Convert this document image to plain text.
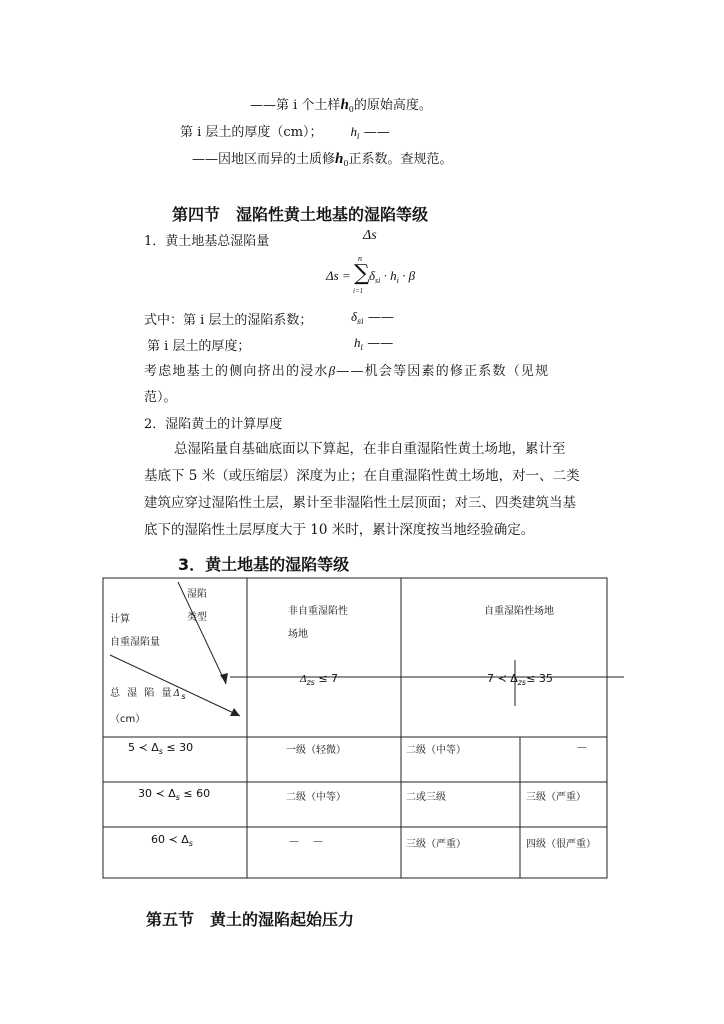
——第 i 个土样$h_0$的原始高度。
第 i 层土的厚度（cm）； $h_i$ ——
——因地区而异的土质修$h_0$正系数。查规范。
第四节　湿陷性黄土地基的湿陷等级
1．黄土地基总湿陷量	Δs
Δs = ∑
n
i=1
$\delta_{si} \cdot h_i \cdot \beta$
式中：第 i 层土的湿陷系数；	$\delta_{si}$ ——
第 i 层土的厚度；	$h_i$ ——
考虑地基土的侧向挤出的浸水β——机会等因素的修正系数（见规
范）。
2．湿陷黄土的计算厚度
总湿陷量自基础底面以下算起，在非自重湿陷性黄土场地，累计至
基底下 5 米（或压缩层）深度为止；在自重湿陷性黄土场地，对一、二类
建筑应穿过湿陷性土层，累计至非湿陷性土层顶面；对三、四类建筑当基
底下的湿陷性土层厚度大于 10 米时，累计深度按当地经验确定。
3．黄土地基的湿陷等级
湿陷
类型
计算
自重湿陷量
总 湿 陷 量$\Delta_s$
（cm）
非自重湿陷性
场地
自重湿陷性场地
$\Delta_{zs} \le 7$	7 ≺ $\Delta_{zs}\le 35$
5 ≺ $\Delta_s \le 30$	一级（轻微）	二级（中等）	－
30 ≺ $\Delta_s \le 60$	二级（中等）	二或三级	三级（严重）
60 ≺ $\Delta_s$	－　－	三级（严重）	四级（很严重）
第五节　黄土的湿陷起始压力
